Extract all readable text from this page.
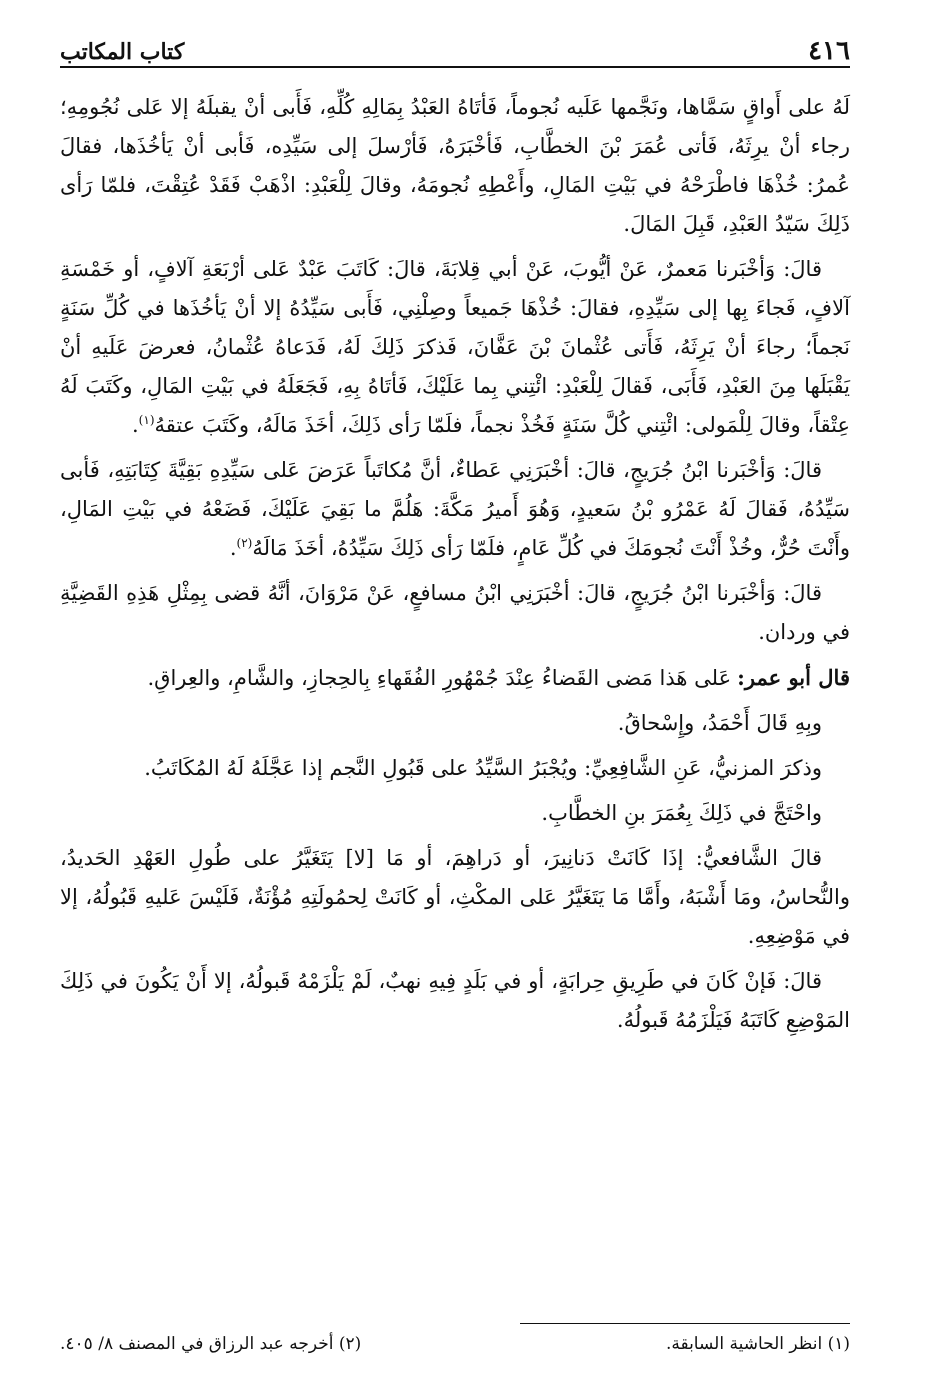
٤١٦
كتاب المكاتب

لَهُ على أَواقٍ سَمَّاها، ونَجَّمها عَلَيه نُجوماً، فَأتَاهُ العَبْدُ بِمَالِهِ كُلِّهِ، فَأَبى أنْ يقبلَهُ إلا عَلى نُجُومِهِ؛ رجاء أنْ يرِثَهُ، فَأتى عُمَرَ بْنَ الخطَّابِ، فَأخْبَرَهُ، فَأرْسلَ إلى سَيِّدِه، فَأبى أنْ يَأخُذَها، فقالَ عُمرُ: خُذْهَا فاطْرَحْهُ في بَيْتِ المَالِ، وأَعْطِهِ نُجومَهُ، وقالَ لِلْعَبْدِ: اذْهَبْ فَقَدْ عُتِقْتَ، فلمّا رَأى ذَلِكَ سَيّدُ العَبْدِ، قَبِلَ المَالَ.

قالَ: وَأخْبَرنا مَعمرٌ، عَنْ أيُّوبَ، عَنْ أبي قِلابَةَ، قالَ: كَاتَبَ عَبْدٌ عَلى أرْبَعَةِ آلافٍ، أو خَمْسَةِ آلافٍ، فَجاءَ بِها إلى سَيِّدِهِ، فقالَ: خُذْهَا جَميعاً وصِلْنِي، فَأَبى سَيِّدُهُ إلا أنْ يَأخُذَها في كُلِّ سَنَةٍ نَجماً؛ رجاءَ أنْ يَرِثَهُ، فَأَتى عُثْمانَ بْنَ عَفَّانَ، فَذكرَ ذَلِكَ لَهُ، فَدَعاهُ عُثْمانُ، فعرضَ عَلَيهِ أنْ يَقْبَلَها مِنَ العَبْدِ، فَأَبَى، فَقالَ لِلْعَبْدِ: ائْتِني بِما عَلَيْكَ، فَأتَاهُ بِهِ، فَجَعَلَهُ في بَيْتِ المَالِ، وكَتَبَ لَهُ عِتْقاً، وقالَ لِلْمَولى: ائْتِني كُلَّ سَنَةٍ فَخُذْ نجماً، فلَمّا رَأى ذَلِكَ، أخَذَ مَالَهُ، وكَتَبَ عتقهُ$^{(١)}$.

قالَ: وَأخْبَرنا ابْنُ جُرَيجٍ، قالَ: أخْبَرَنِي عَطاءٌ، أنَّ مُكاتَباً عَرَضَ عَلى سَيِّدِهِ بَقِيَّةَ كِتَابَتِهِ، فَأبى سَيِّدُهُ، فَقالَ لَهُ عَمْرُو بْنُ سَعيدٍ، وَهُوَ أَميرُ مَكَّةَ: هَلُمَّ ما بَقِيَ عَلَيْكَ، فَضَعْهُ في بَيْتِ المَالِ، وأَنْتَ حُرٌّ، وخُذْ أَنْتَ نُجومَكَ في كُلِّ عَامٍ، فلَمّا رَأى ذَلِكَ سَيِّدُهُ، أخَذَ مَالَهُ$^{(٢)}$.

قالَ: وَأخْبَرنا ابْنُ جُرَيجٍ، قالَ: أخْبَرَنِي ابْنُ مسافعٍ، عَنْ مَرْوَانَ، أنَّهُ قضى بِمِثْلِ هَذِهِ القَضِيَّةِ في وردان.

قال أبو عمر:عَلى هَذا مَضى القَضاءُ عِنْدَ جُمْهُورِ الفُقَهاءِ بِالحِجازِ، والشَّامِ، والعِراقِ.

وبِهِ قَالَ أَحْمَدُ، وإِسْحاقُ.

وذكرَ المزنيُّ، عَنِ الشَّافِعِيِّ: ويُجْبَرُ السَّيِّدُ على قَبُولِ النَّجم إذا عَجَّلَهُ لَهُ المُكَاتَبُ.

واحْتَجَّ في ذَلِكَ بِعُمَرَ بنِ الخطَّابِ.

قالَ الشَّافعيُّ: إذَا كَانَتْ دَنانِيرَ، أو دَراهِمَ، أو مَا [لا] يَتَغَيَّرُ على طُولِ العَهْدِ الحَديدُ، والنُّحاسُ، ومَا أَشْبَهُ، وأَمَّا مَا يَتَغَيَّرُ عَلى المكْثِ، أو كَانَتْ لِحمُولَتِهِ مُؤْنَةٌ، فَلَيْسَ عَليهِ قَبُولُهُ، إلا في مَوْضِعِهِ.

قالَ: فَإنْ كَانَ في طَرِيقِ حِرابَةٍ، أو في بَلَدٍ فِيهِ نهبٌ، لَمْ يَلْزَمْهُ قَبولُهُ، إلا أَنْ يَكُونَ في ذَلِكَ المَوْضِعِ كَاتَبَهُ فَيَلْزَمُهُ قَبولُهُ.

(١) انظر الحاشية السابقة.
(٢) أخرجه عبد الرزاق في المصنف ٨/ ٤٠٥.
